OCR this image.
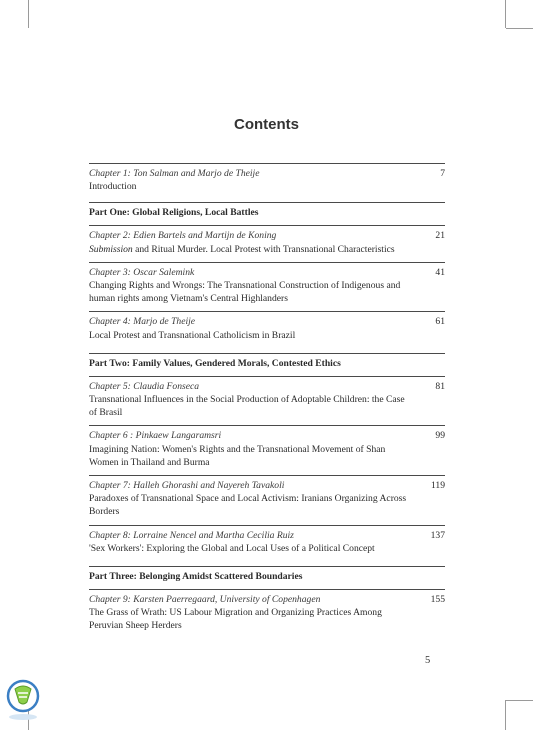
Contents
Chapter 1: Ton Salman and Marjo de Theije
Introduction
7
Part One: Global Religions, Local Battles
Chapter 2: Edien Bartels and Martijn de Koning
Submission and Ritual Murder. Local Protest with Transnational Characteristics
21
Chapter 3: Oscar Salemink
Changing Rights and Wrongs: The Transnational Construction of Indigenous and human rights among Vietnam's Central Highlanders
41
Chapter 4: Marjo de Theije
Local Protest and Transnational Catholicism in Brazil
61
Part Two: Family Values, Gendered Morals, Contested Ethics
Chapter 5: Claudia Fonseca
Transnational Influences in the Social Production of Adoptable Children: the Case of Brasil
81
Chapter 6 : Pinkaew Langaramsri
Imagining Nation: Women's Rights and the Transnational Movement of Shan Women in Thailand and Burma
99
Chapter 7: Halleh Ghorashi and Nayereh Tavakoli
Paradoxes of Transnational Space and Local Activism: Iranians Organizing Across Borders
119
Chapter 8: Lorraine Nencel and Martha Cecilia Ruiz
'Sex Workers': Exploring the Global and Local Uses of a Political Concept
137
Part Three: Belonging Amidst Scattered Boundaries
Chapter 9: Karsten Paerregaard, University of Copenhagen
The Grass of Wrath: US Labour Migration and Organizing Practices Among Peruvian Sheep Herders
155
5
